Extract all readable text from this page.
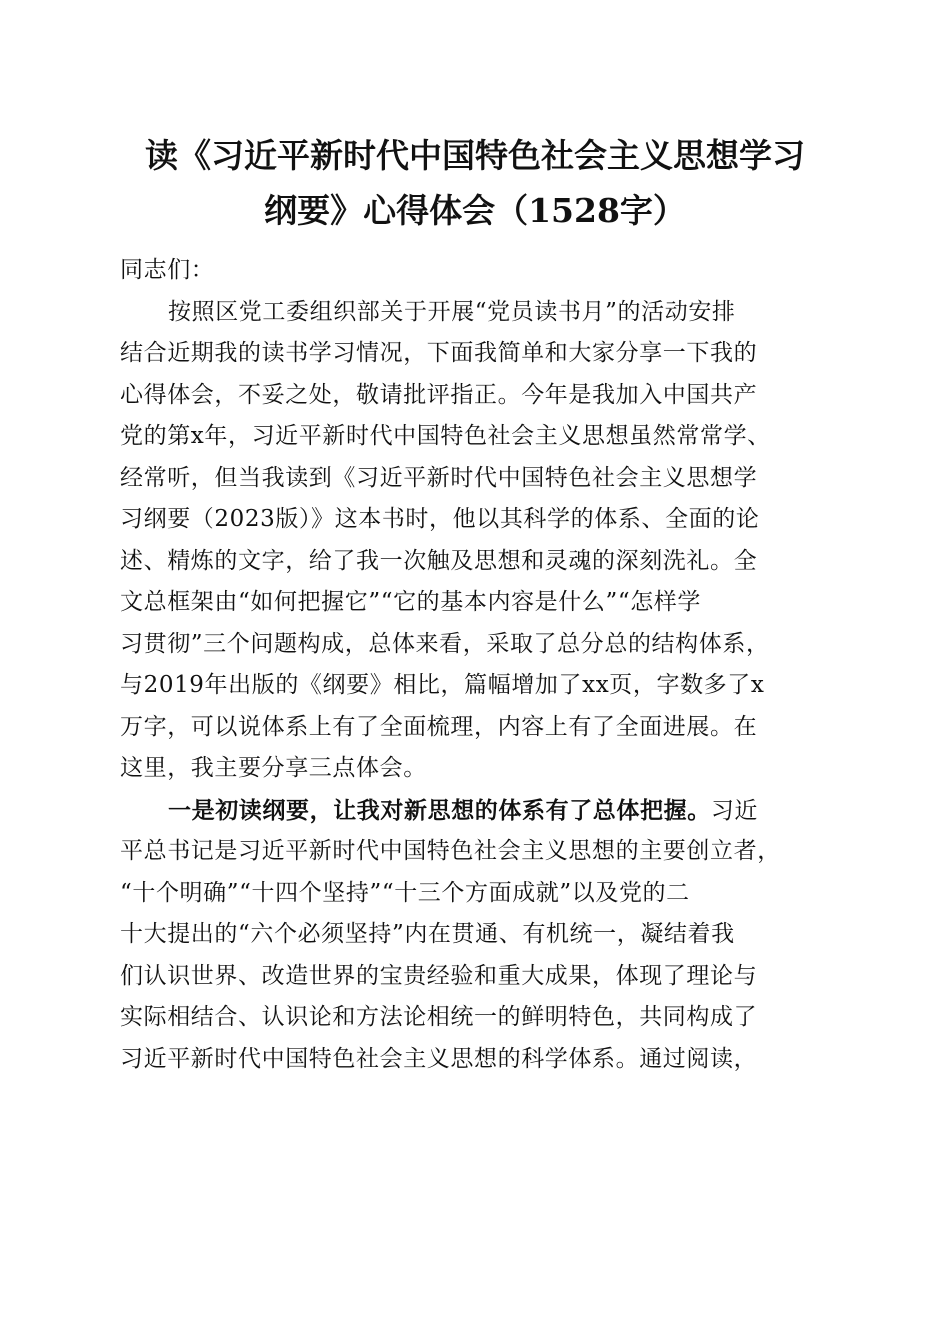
读《习近平新时代中国特色社会主义思想学习
纲要》心得体会（1528字）
同志们：
按照区党工委组织部关于开展“党员读书月”的活动安排
结合近期我的读书学习情况，下面我简单和大家分享一下我的
心得体会，不妥之处，敬请批评指正。今年是我加入中国共产
党的第x年，习近平新时代中国特色社会主义思想虽然常常学、
经常听，但当我读到《习近平新时代中国特色社会主义思想学
习纲要（2023版）》这本书时，他以其科学的体系、全面的论
述、精炼的文字，给了我一次触及思想和灵魂的深刻洗礼。全
文总框架由“如何把握它”“它的基本内容是什么”“怎样学
习贯彻”三个问题构成，总体来看，采取了总分总的结构体系，
与2019年出版的《纲要》相比，篇幅增加了xx页，字数多了x
万字，可以说体系上有了全面梳理，内容上有了全面进展。在
这里，我主要分享三点体会。
一是初读纲要，让我对新思想的体系有了总体把握。习近
平总书记是习近平新时代中国特色社会主义思想的主要创立者，
“十个明确”“十四个坚持”“十三个方面成就”以及党的二
十大提出的“六个必须坚持”内在贯通、有机统一，凝结着我
们认识世界、改造世界的宝贵经验和重大成果，体现了理论与
实际相结合、认识论和方法论相统一的鲜明特色，共同构成了
习近平新时代中国特色社会主义思想的科学体系。通过阅读，
